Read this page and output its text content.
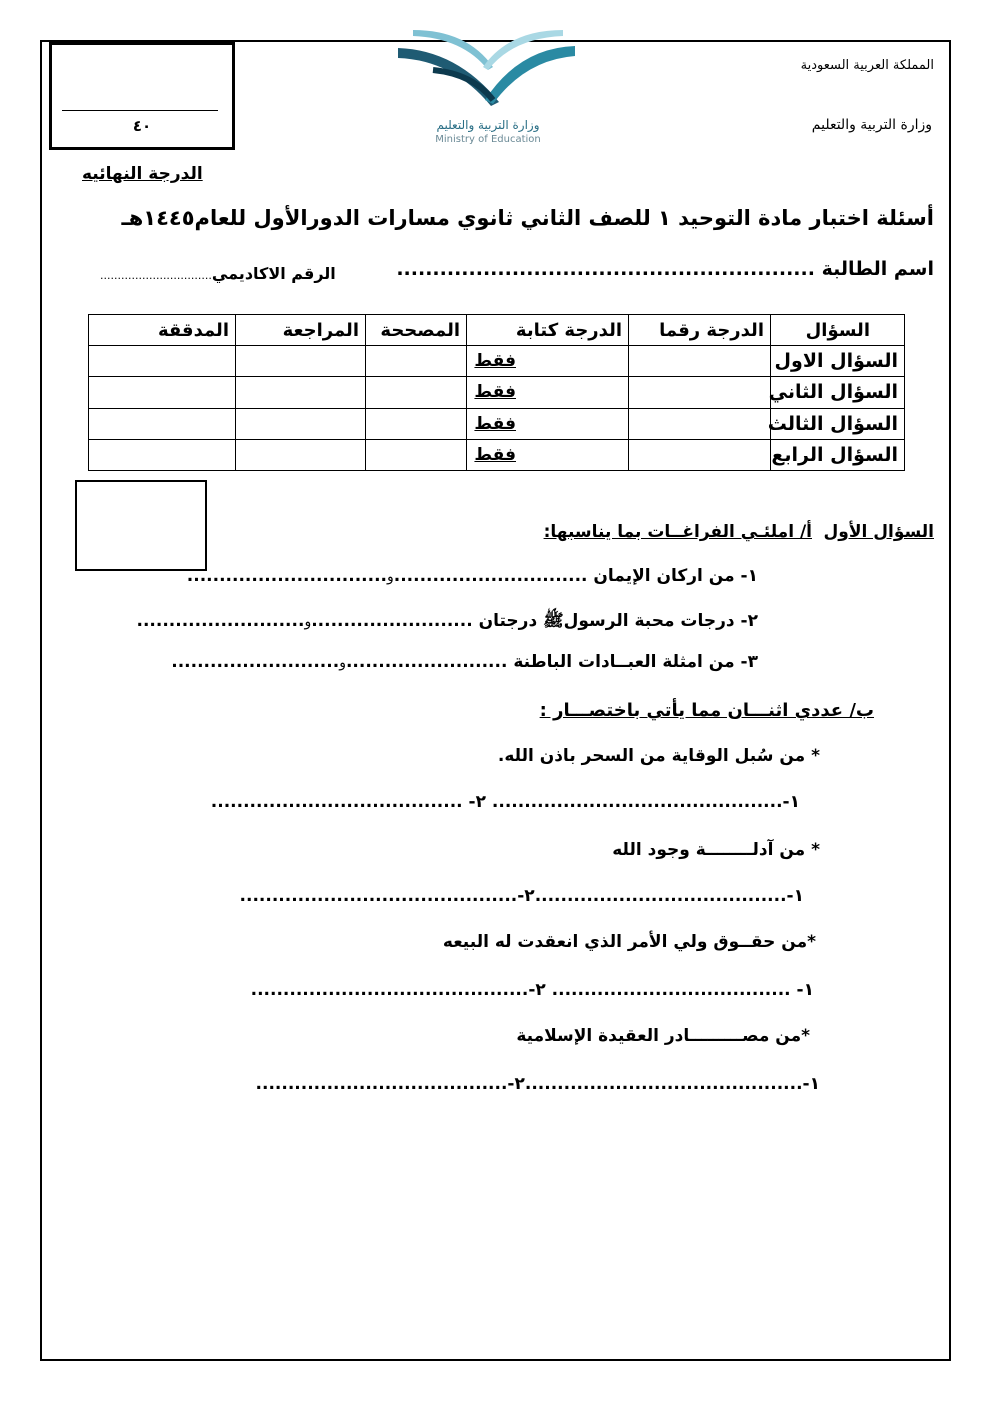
٤٠	وزارة التربية والتعليم
Ministry of Education
المملكة العربية السعودية
وزارة التربية والتعليم
الدرجة النهائيه
أسئلة اختبار مادة التوحيد ١ للصف الثاني ثانوي مسارات الدورالأول للعام١٤٤٥هـ
اسم الطالبة ..........................................................
الرقم الاكاديمي................................
السؤال	الدرجة رقما	الدرجة كتابة	المصححة	المراجعة	المدققة
السؤال الاول		فقط			
السؤال الثاني		فقط			
السؤال الثالث		فقط			
السؤال الرابع		فقط			
السؤال الأول
أ/ املئـي الفراغــات بما يناسبها:
١- من اركان الإيمان ..............................و...............................
٢- درجات محبة الرسولﷺ درجتان .........................و..........................
٣- من امثلة العبــادات الباطنة .........................و..........................
ب/ عددي اثنـــان مما يأتي باختصـــار :
* من سُبل الوقاية من السحر باذن الله.
١-............................................. ٢- .......................................
* من آدلــــــــة وجود الله
١-.......................................٢-...........................................
*من حقــوق ولي الأمر الذي انعقدت له البيعه
١- ..................................... ٢-...........................................
*من مصـــــــــادر العقيدة الإسلامية
١-...........................................٢-.......................................
